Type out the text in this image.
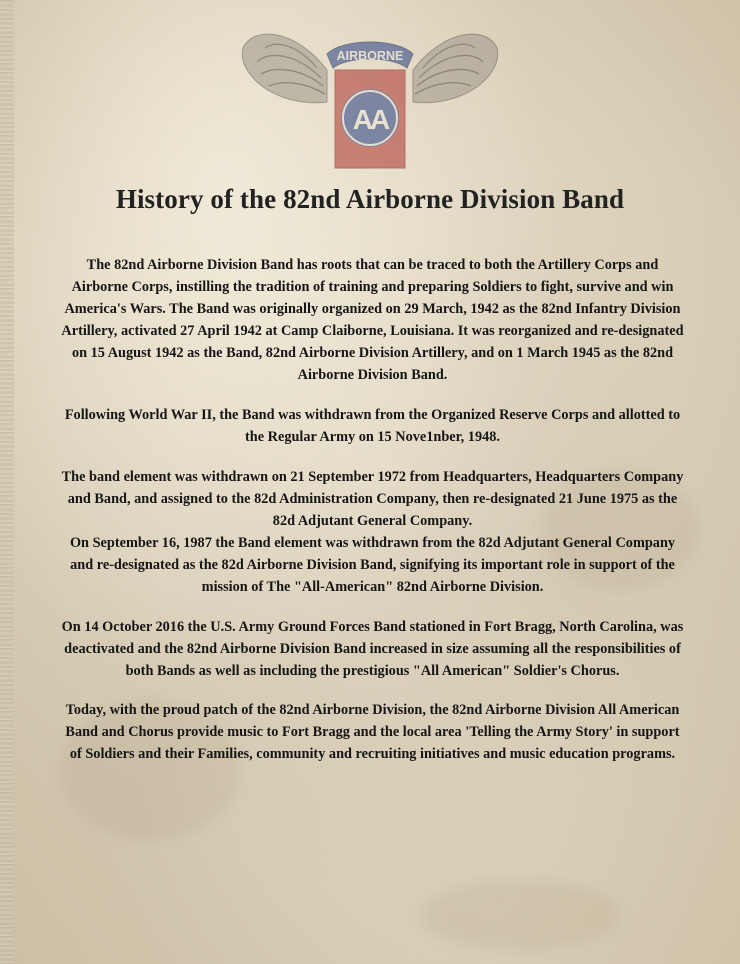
AIRBORNE
AA
History of the 82nd Airborne Division Band

The 82nd Airborne Division Band has roots that can be traced to both the Artillery Corps and Airborne Corps, instilling the tradition of training and preparing Soldiers to fight, survive and win America's Wars. The Band was originally organized on 29 March, 1942 as the 82nd Infantry Division Artillery, activated 27 April 1942 at Camp Claiborne, Louisiana. It was reorganized and re-designated on 15 August 1942 as the Band, 82nd Airborne Division Artillery, and on 1 March 1945 as the 82nd Airborne Division Band.

Following World War II, the Band was withdrawn from the Organized Reserve Corps and allotted to the Regular Army on 15 Nove1nber, 1948.

The band element was withdrawn on 21 September 1972 from Headquarters, Headquarters Company and Band, and assigned to the 82d Administration Company, then re-designated 21 June 1975 as the 82d Adjutant General Company.

On September 16, 1987 the Band element was withdrawn from the 82d Adjutant General Company and re-designated as the 82d Airborne Division Band, signifying its important role in support of the mission of The "All-American" 82nd Airborne Division.

On 14 October 2016 the U.S. Army Ground Forces Band stationed in Fort Bragg, North Carolina, was deactivated and the 82nd Airborne Division Band increased in size assuming all the responsibilities of both Bands as well as including the prestigious "All American" Soldier's Chorus.

Today, with the proud patch of the 82nd Airborne Division, the 82nd Airborne Division All American Band and Chorus provide music to Fort Bragg and the local area 'Telling the Army Story' in support of Soldiers and their Families, community and recruiting initiatives and music education programs.
